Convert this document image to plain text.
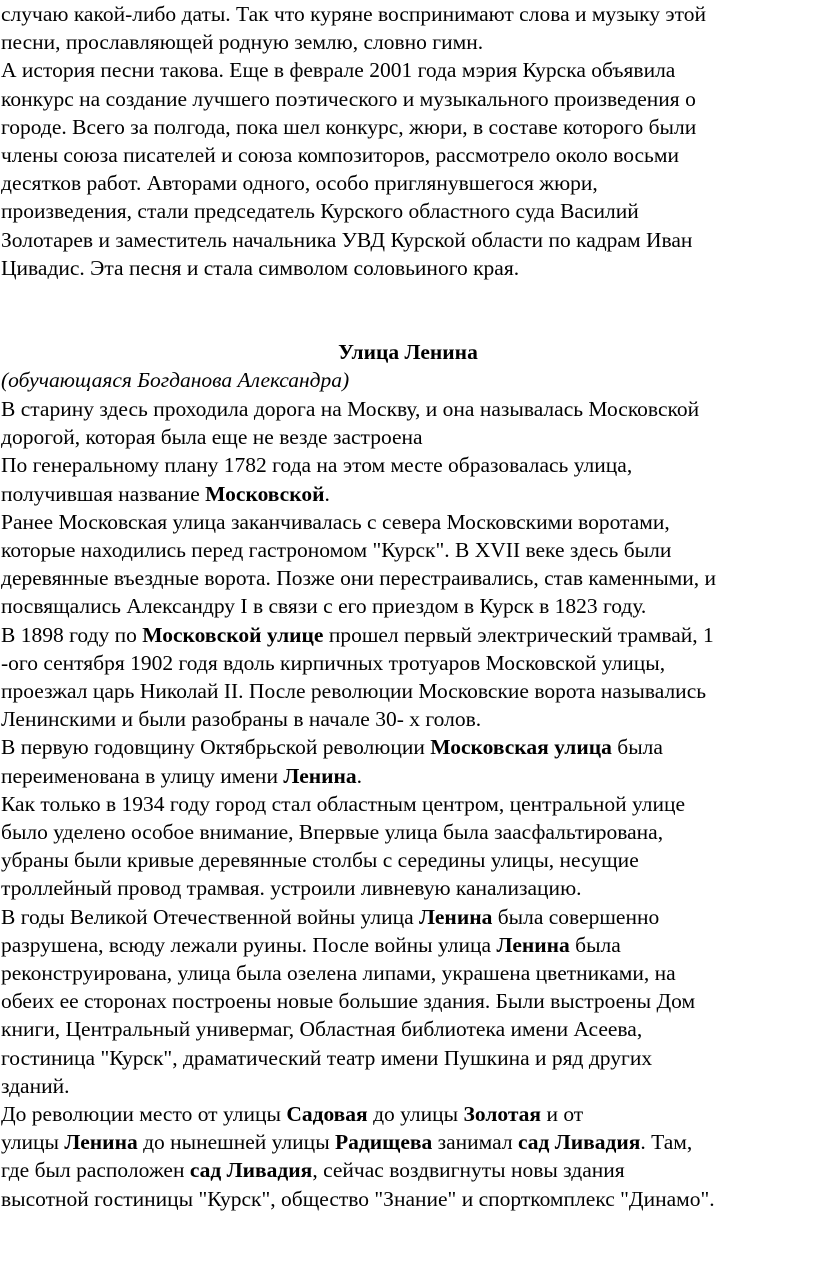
случаю какой-либо даты. Так что куряне воспринимают слова и музыку этой
песни, прославляющей родную землю, словно гимн.

А история песни такова. Еще в феврале 2001 года мэрия Курска объявила
конкурс на создание лучшего поэтического и музыкального произведения о
городе. Всего за полгода, пока шел конкурс, жюри, в составе которого были
члены союза писателей и союза композиторов, рассмотрело около восьми
десятков работ. Авторами одного, особо приглянувшегося жюри,
произведения, стали председатель Курского областного суда Василий
Золотарев и заместитель начальника УВД Курской области по кадрам Иван
Цивадис. Эта песня и стала символом соловьиного края.

Улица Ленина
(обучающаяся Богданова Александра)

В старину здесь проходила дорога на Москву, и она называлась Московской
дорогой, которая была еще не везде застроена

По генеральному плану 1782 года на этом месте образовалась улица,
получившая название Московской.

Ранее Московская улица заканчивалась с севера Московскими воротами,
которые находились перед гастрономом "Курск". В XVII веке здесь были
деревянные въездные ворота. Позже они перестраивались, став каменными, и
посвящались Александру I в связи с его приездом в Курск в 1823 году.

В 1898 году по Московской улице прошел первый электрический трамвай, 1
-ого сентября 1902 годя вдоль кирпичных тротуаров Московской улицы,
проезжал царь Николай II. После революции Московские ворота назывались
Ленинскими и были разобраны в начале 30- х голов.

В первую годовщину Октябрьской революции Московская улица была
переименована в улицу имени Ленина.

Как только в 1934 году город стал областным центром, центральной улице
было уделено особое внимание, Впервые улица была заасфальтирована,
убраны были кривые деревянные столбы с середины улицы, несущие
троллейный провод трамвая. устроили ливневую канализацию.

В годы Великой Отечественной войны улица Ленина была совершенно
разрушена, всюду лежали руины. После войны улица Ленина была
реконструирована, улица была озелена липами, украшена цветниками, на
обеих ее сторонах построены новые большие здания. Были выстроены Дом
книги, Центральный универмаг, Областная библиотека имени Асеева,
гостиница "Курск", драматический театр имени Пушкина и ряд других
зданий.

До революции место от улицы Садовая до улицы Золотая и от
улицы Ленина до нынешней улицы Радищева занимал сад Ливадия. Там,
где был расположен сад Ливадия, сейчас воздвигнуты новы здания
высотной гостиницы "Курск", общество "Знание" и спорткомплекс "Динамо".
